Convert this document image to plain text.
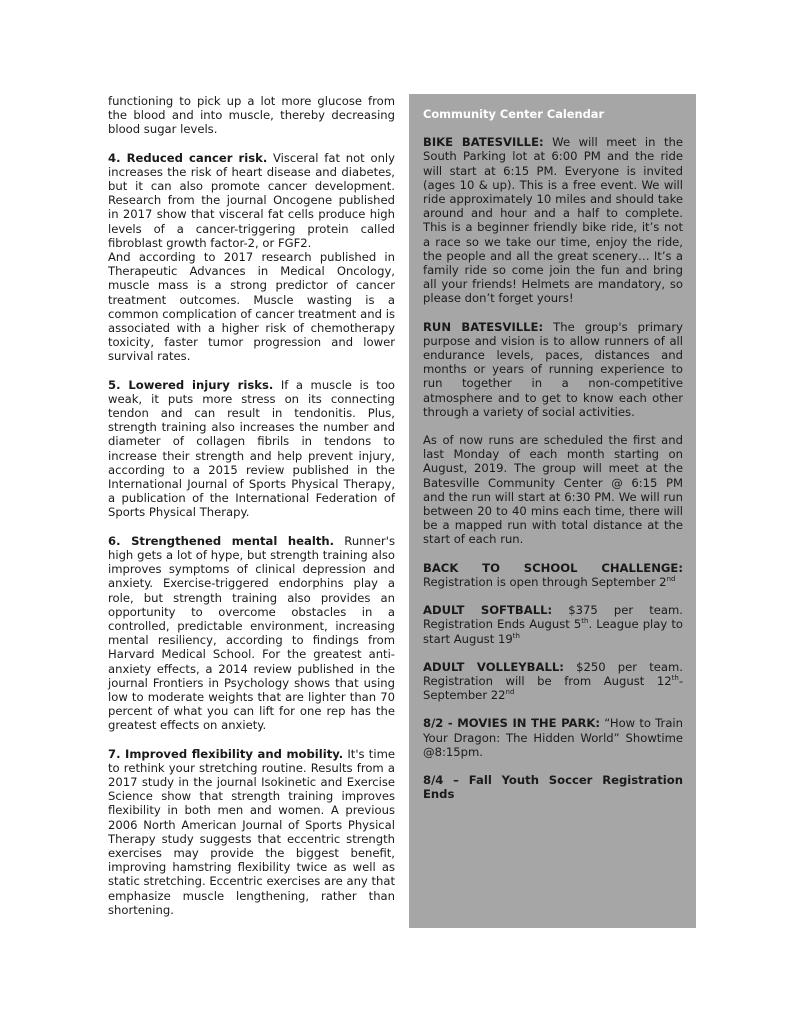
functioning to pick up a lot more glucose from the blood and into muscle, thereby decreasing blood sugar levels.

4. Reduced cancer risk. Visceral fat not only increases the risk of heart disease and diabetes, but it can also promote cancer development. Research from the journal Oncogene published in 2017 show that visceral fat cells produce high levels of a cancer-triggering protein called fibroblast growth factor-2, or FGF2.

And according to 2017 research published in Therapeutic Advances in Medical Oncology, muscle mass is a strong predictor of cancer treatment outcomes. Muscle wasting is a common complication of cancer treatment and is associated with a higher risk of chemotherapy toxicity, faster tumor progression and lower survival rates.

5. Lowered injury risks. If a muscle is too weak, it puts more stress on its connecting tendon and can result in tendonitis. Plus, strength training also increases the number and diameter of collagen fibrils in tendons to increase their strength and help prevent injury, according to a 2015 review published in the International Journal of Sports Physical Therapy, a publication of the International Federation of Sports Physical Therapy.

6. Strengthened mental health. Runner's high gets a lot of hype, but strength training also improves symptoms of clinical depression and anxiety. Exercise-triggered endorphins play a role, but strength training also provides an opportunity to overcome obstacles in a controlled, predictable environment, increasing mental resiliency, according to findings from Harvard Medical School. For the greatest anti-anxiety effects, a 2014 review published in the journal Frontiers in Psychology shows that using low to moderate weights that are lighter than 70 percent of what you can lift for one rep has the greatest effects on anxiety.

7. Improved flexibility and mobility. It's time to rethink your stretching routine. Results from a 2017 study in the journal Isokinetic and Exercise Science show that strength training improves flexibility in both men and women. A previous 2006 North American Journal of Sports Physical Therapy study suggests that eccentric strength exercises may provide the biggest benefit, improving hamstring flexibility twice as well as static stretching. Eccentric exercises are any that emphasize muscle lengthening, rather than shortening.

Community Center Calendar

BIKE BATESVILLE: We will meet in the South Parking lot at 6:00 PM and the ride will start at 6:15 PM. Everyone is invited (ages 10 & up). This is a free event. We will ride approximately 10 miles and should take around and hour and a half to complete. This is a beginner friendly bike ride, it’s not a race so we take our time, enjoy the ride, the people and all the great scenery… It’s a family ride so come join the fun and bring all your friends! Helmets are mandatory, so please don’t forget yours!

RUN BATESVILLE: The group's primary purpose and vision is to allow runners of all endurance levels, paces, distances and months or years of running experience to run together in a non-competitive atmosphere and to get to know each other through a variety of social activities.

As of now runs are scheduled the first and last Monday of each month starting on August, 2019. The group will meet at the Batesville Community Center @ 6:15 PM and the run will start at 6:30 PM. We will run between 20 to 40 mins each time, there will be a mapped run with total distance at the start of each run.

BACK TO SCHOOL CHALLENGE: Registration is open through September 2nd

ADULT SOFTBALL: $375 per team. Registration Ends August 5th. League play to start August 19th

ADULT VOLLEYBALL: $250 per team. Registration will be from August 12th-September 22nd

8/2 - MOVIES IN THE PARK: “How to Train Your Dragon: The Hidden World” Showtime @8:15pm.

8/4 – Fall Youth Soccer Registration Ends
